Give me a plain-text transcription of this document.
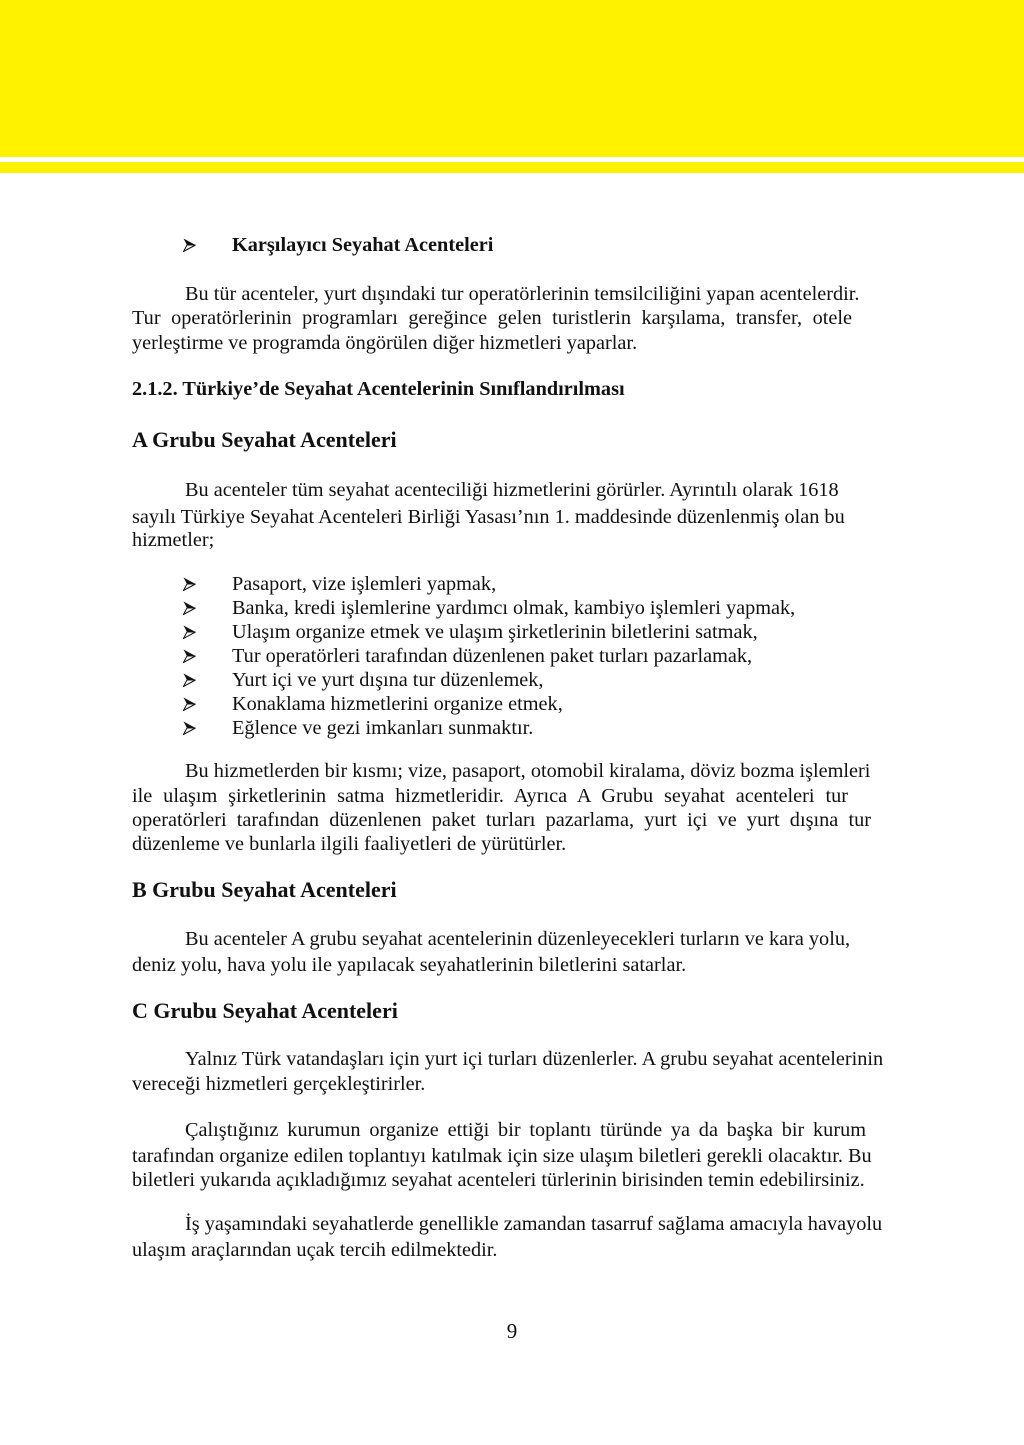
Karşılayıcı Seyahat Acenteleri
Bu tür acenteler, yurt dışındaki tur operatörlerinin temsilciliğini yapan acentelerdir.
Tur operatörlerinin programları gereğince gelen turistlerin karşılama, transfer, otele
yerleştirme ve programda öngörülen diğer hizmetleri yaparlar.
2.1.2. Türkiye’de Seyahat Acentelerinin Sınıflandırılması
A Grubu Seyahat Acenteleri
Bu acenteler tüm seyahat acenteciliği hizmetlerini görürler. Ayrıntılı olarak 1618
sayılı Türkiye Seyahat Acenteleri Birliği Yasası’nın 1. maddesinde düzenlenmiş olan bu
hizmetler;
Pasaport, vize işlemleri yapmak,
Banka, kredi işlemlerine yardımcı olmak, kambiyo işlemleri yapmak,
Ulaşım organize etmek ve ulaşım şirketlerinin biletlerini satmak,
Tur operatörleri tarafından düzenlenen paket turları pazarlamak,
Yurt içi ve yurt dışına tur düzenlemek,
Konaklama hizmetlerini organize etmek,
Eğlence ve gezi imkanları sunmaktır.
Bu hizmetlerden bir kısmı; vize, pasaport, otomobil kiralama, döviz bozma işlemleri
ile ulaşım şirketlerinin satma hizmetleridir. Ayrıca A Grubu seyahat acenteleri tur
operatörleri tarafından düzenlenen paket turları pazarlama, yurt içi ve yurt dışına tur
düzenleme ve bunlarla ilgili faaliyetleri de yürütürler.
B Grubu Seyahat Acenteleri
Bu acenteler A grubu seyahat acentelerinin düzenleyecekleri turların ve kara yolu,
deniz yolu, hava yolu ile yapılacak seyahatlerinin biletlerini satarlar.
C Grubu Seyahat Acenteleri
Yalnız Türk vatandaşları için yurt içi turları düzenlerler. A grubu seyahat acentelerinin
vereceği hizmetleri gerçekleştirirler.
Çalıştığınız kurumun organize ettiği bir toplantı türünde ya da başka bir kurum
tarafından organize edilen toplantıyı katılmak için size ulaşım biletleri gerekli olacaktır. Bu
biletleri yukarıda açıkladığımız seyahat acenteleri türlerinin birisinden temin edebilirsiniz.
İş yaşamındaki seyahatlerde genellikle zamandan tasarruf sağlama amacıyla havayolu
ulaşım araçlarından uçak tercih edilmektedir.
9
